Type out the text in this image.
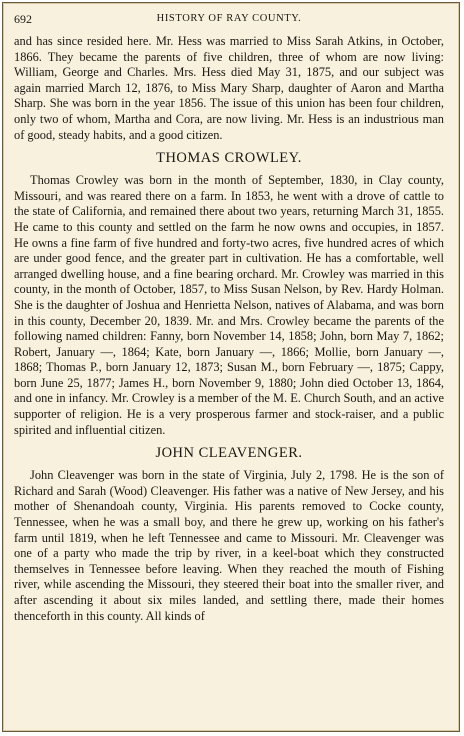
692	HISTORY OF RAY COUNTY.

and has since resided here. Mr. Hess was married to Miss Sarah Atkins, in October, 1866. They became the parents of five children, three of whom are now living: William, George and Charles. Mrs. Hess died May 31, 1875, and our subject was again married March 12, 1876, to Miss Mary Sharp, daughter of Aaron and Martha Sharp. She was born in the year 1856. The issue of this union has been four children, only two of whom, Martha and Cora, are now living. Mr. Hess is an industrious man of good, steady habits, and a good citizen.

THOMAS CROWLEY.

Thomas Crowley was born in the month of September, 1830, in Clay county, Missouri, and was reared there on a farm. In 1853, he went with a drove of cattle to the state of California, and remained there about two years, returning March 31, 1855. He came to this county and settled on the farm he now owns and occupies, in 1857. He owns a fine farm of five hundred and forty-two acres, five hundred acres of which are under good fence, and the greater part in cultivation. He has a comfortable, well arranged dwelling house, and a fine bearing orchard. Mr. Crowley was married in this county, in the month of October, 1857, to Miss Susan Nelson, by Rev. Hardy Holman. She is the daughter of Joshua and Henrietta Nelson, natives of Alabama, and was born in this county, December 20, 1839. Mr. and Mrs. Crowley became the parents of the following named children: Fanny, born November 14, 1858; John, born May 7, 1862; Robert, January —, 1864; Kate, born January —, 1866; Mollie, born January —, 1868; Thomas P., born January 12, 1873; Susan M., born February —, 1875; Cappy, born June 25, 1877; James H., born November 9, 1880; John died October 13, 1864, and one in infancy. Mr. Crowley is a member of the M. E. Church South, and an active supporter of religion. He is a very prosperous farmer and stock-raiser, and a public spirited and influential citizen.

JOHN CLEAVENGER.

John Cleavenger was born in the state of Virginia, July 2, 1798. He is the son of Richard and Sarah (Wood) Cleavenger. His father was a native of New Jersey, and his mother of Shenandoah county, Virginia. His parents removed to Cocke county, Tennessee, when he was a small boy, and there he grew up, working on his father's farm until 1819, when he left Tennessee and came to Missouri. Mr. Cleavenger was one of a party who made the trip by river, in a keel-boat which they constructed themselves in Tennessee before leaving. When they reached the mouth of Fishing river, while ascending the Missouri, they steered their boat into the smaller river, and after ascending it about six miles landed, and settling there, made their homes thenceforth in this county. All kinds of
